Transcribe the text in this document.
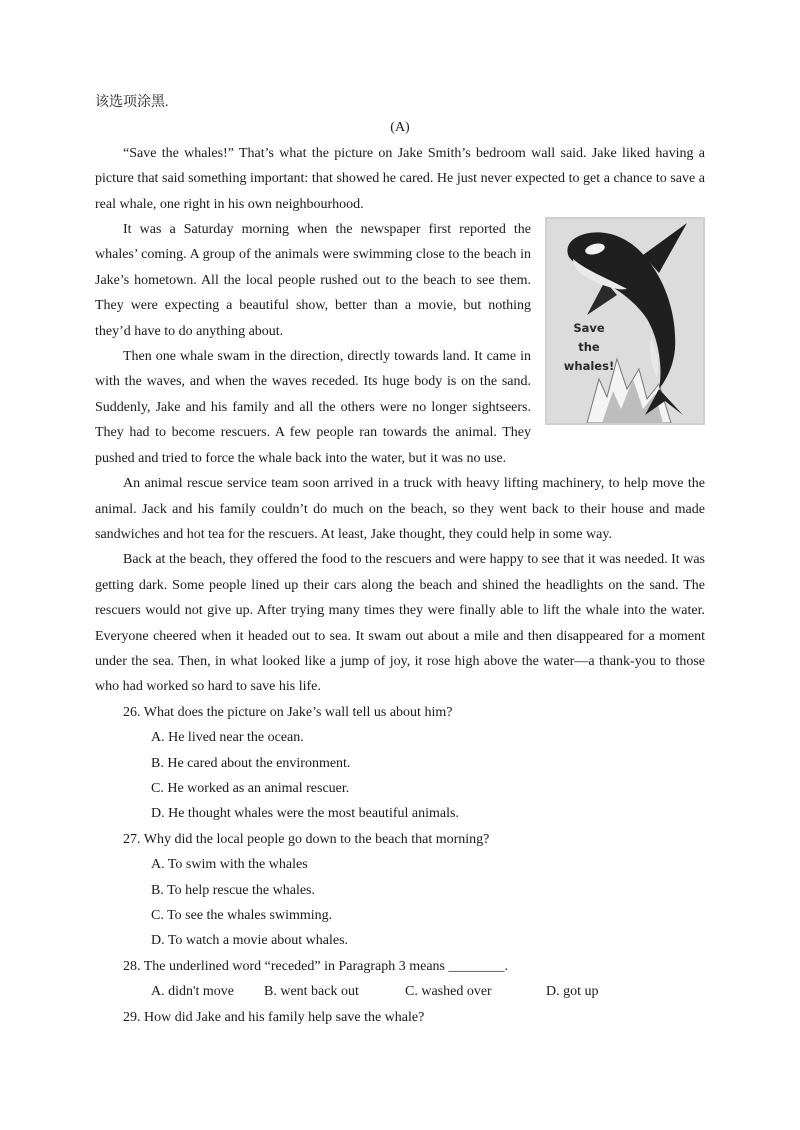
该选项涂黑.

(A)

“Save the whales!” That’s what the picture on Jake Smith’s bedroom wall said. Jake liked having a picture that said something important: that showed he cared. He just never expected to get a chance to save a real whale, one right in his own neighbourhood.

Save
the
whales!

It was a Saturday morning when the newspaper first reported the whales’ coming. A group of the animals were swimming close to the beach in Jake’s hometown. All the local people rushed out to the beach to see them. They were expecting a beautiful show, better than a movie, but nothing they’d have to do anything about.

Then one whale swam in the direction, directly towards land. It came in with the waves, and when the waves receded. Its huge body is on the sand. Suddenly, Jake and his family and all the others were no longer sightseers. They had to become rescuers. A few people ran towards the animal. They pushed and tried to force the whale back into the water, but it was no use.

An animal rescue service team soon arrived in a truck with heavy lifting machinery, to help move the animal. Jack and his family couldn’t do much on the beach, so they went back to their house and made sandwiches and hot tea for the rescuers. At least, Jake thought, they could help in some way.

Back at the beach, they offered the food to the rescuers and were happy to see that it was needed. It was getting dark. Some people lined up their cars along the beach and shined the headlights on the sand. The rescuers would not give up. After trying many times they were finally able to lift the whale into the water. Everyone cheered when it headed out to sea. It swam out about a mile and then disappeared for a moment under the sea. Then, in what looked like a jump of joy, it rose high above the water—a thank-you to those who had worked so hard to save his life.

26. What does the picture on Jake’s wall tell us about him?

A. He lived near the ocean.

B. He cared about the environment.

C. He worked as an animal rescuer.

D. He thought whales were the most beautiful animals.

27. Why did the local people go down to the beach that morning?

A. To swim with the whales

B. To help rescue the whales.

C. To see the whales swimming.

D. To watch a movie about whales.

28. The underlined word “receded” in Paragraph 3 means ________.

A. didn't move	B. went back out	C. washed over	D. got up

29. How did Jake and his family help save the whale?
